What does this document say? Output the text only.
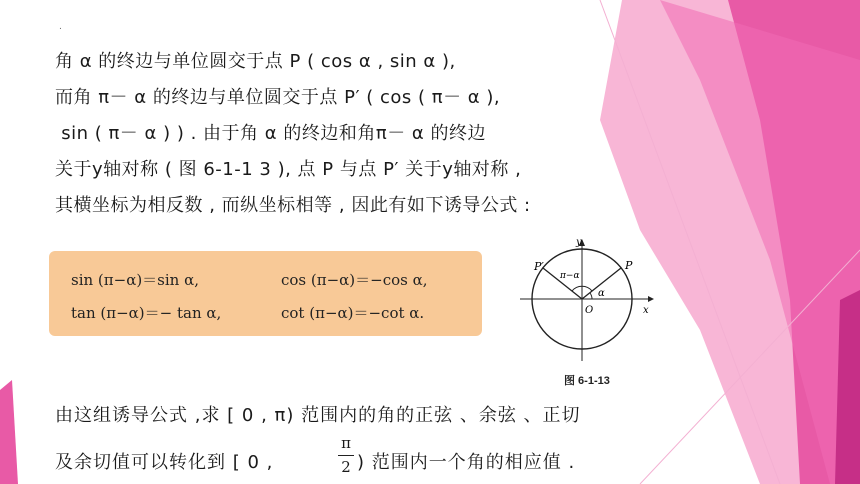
.
角 α 的终边与单位圆交于点 P ( cos α , sin α ),
而角 π－ α 的终边与单位圆交于点 P′ ( cos ( π－ α ),
sin ( π－ α ) ) . 由于角 α 的终边和角π－ α 的终边
关于y轴对称 ( 图 6-1-1 3 ), 点 P 与点 P′ 关于y轴对称 ,
其横坐标为相反数 , 而纵坐标相等 , 因此有如下诱导公式 :
sin (π−α)＝sin α,	cos (π−α)＝−cos α,
tan (π−α)＝− tan α,	cot (π−α)＝−cot α.
y
x
O
P
P′
α
π−α
图 6-1-13
由这组诱导公式 ,求 [ 0 , π) 范围内的角的正弦 、余弦 、正切
及余切值可以转化到 [ 0 ,
π
2 ) 范围内一个角的相应值 .
